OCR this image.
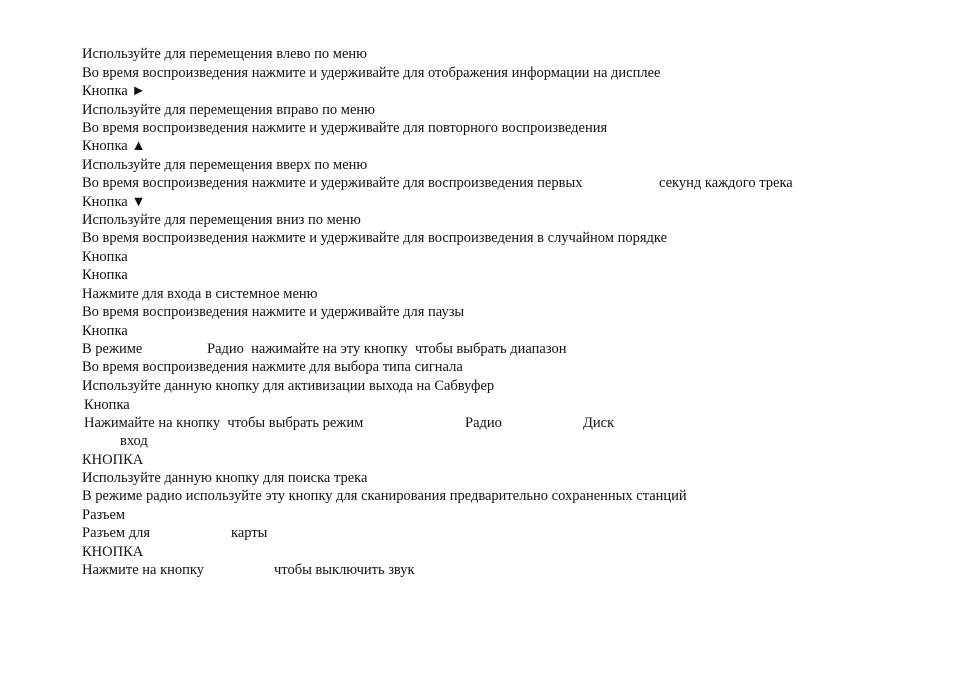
Используйте для перемещения влево по меню
Во время воспроизведения нажмите и удерживайте для отображения информации на дисплее
Кнопка ►
Используйте для перемещения вправо по меню
Во время воспроизведения нажмите и удерживайте для повторного воспроизведения
Кнопка ▲
Используйте для перемещения вверх по меню
Во время воспроизведения нажмите и удерживайте для воспроизведения первых	секунд каждого трека
Кнопка ▼
Используйте для перемещения вниз по меню
Во время воспроизведения нажмите и удерживайте для воспроизведения в случайном порядке
Кнопка
Кнопка
Нажмите для входа в системное меню
Во время воспроизведения нажмите и удерживайте для паузы
Кнопка
В режиме	Радио  нажимайте на эту кнопку  чтобы выбрать диапазон
Во время воспроизведения нажмите для выбора типа сигнала
Используйте данную кнопку для активизации выхода на Сабвуфер
Кнопка
Нажимайте на кнопку  чтобы выбрать режим	Радио	Диск
вход
КНОПКА
Используйте данную кнопку для поиска трека
В режиме радио используйте эту кнопку для сканирования предварительно сохраненных станций
Разъем
Разъем для	карты
КНОПКА
Нажмите на кнопку	чтобы выключить звук
